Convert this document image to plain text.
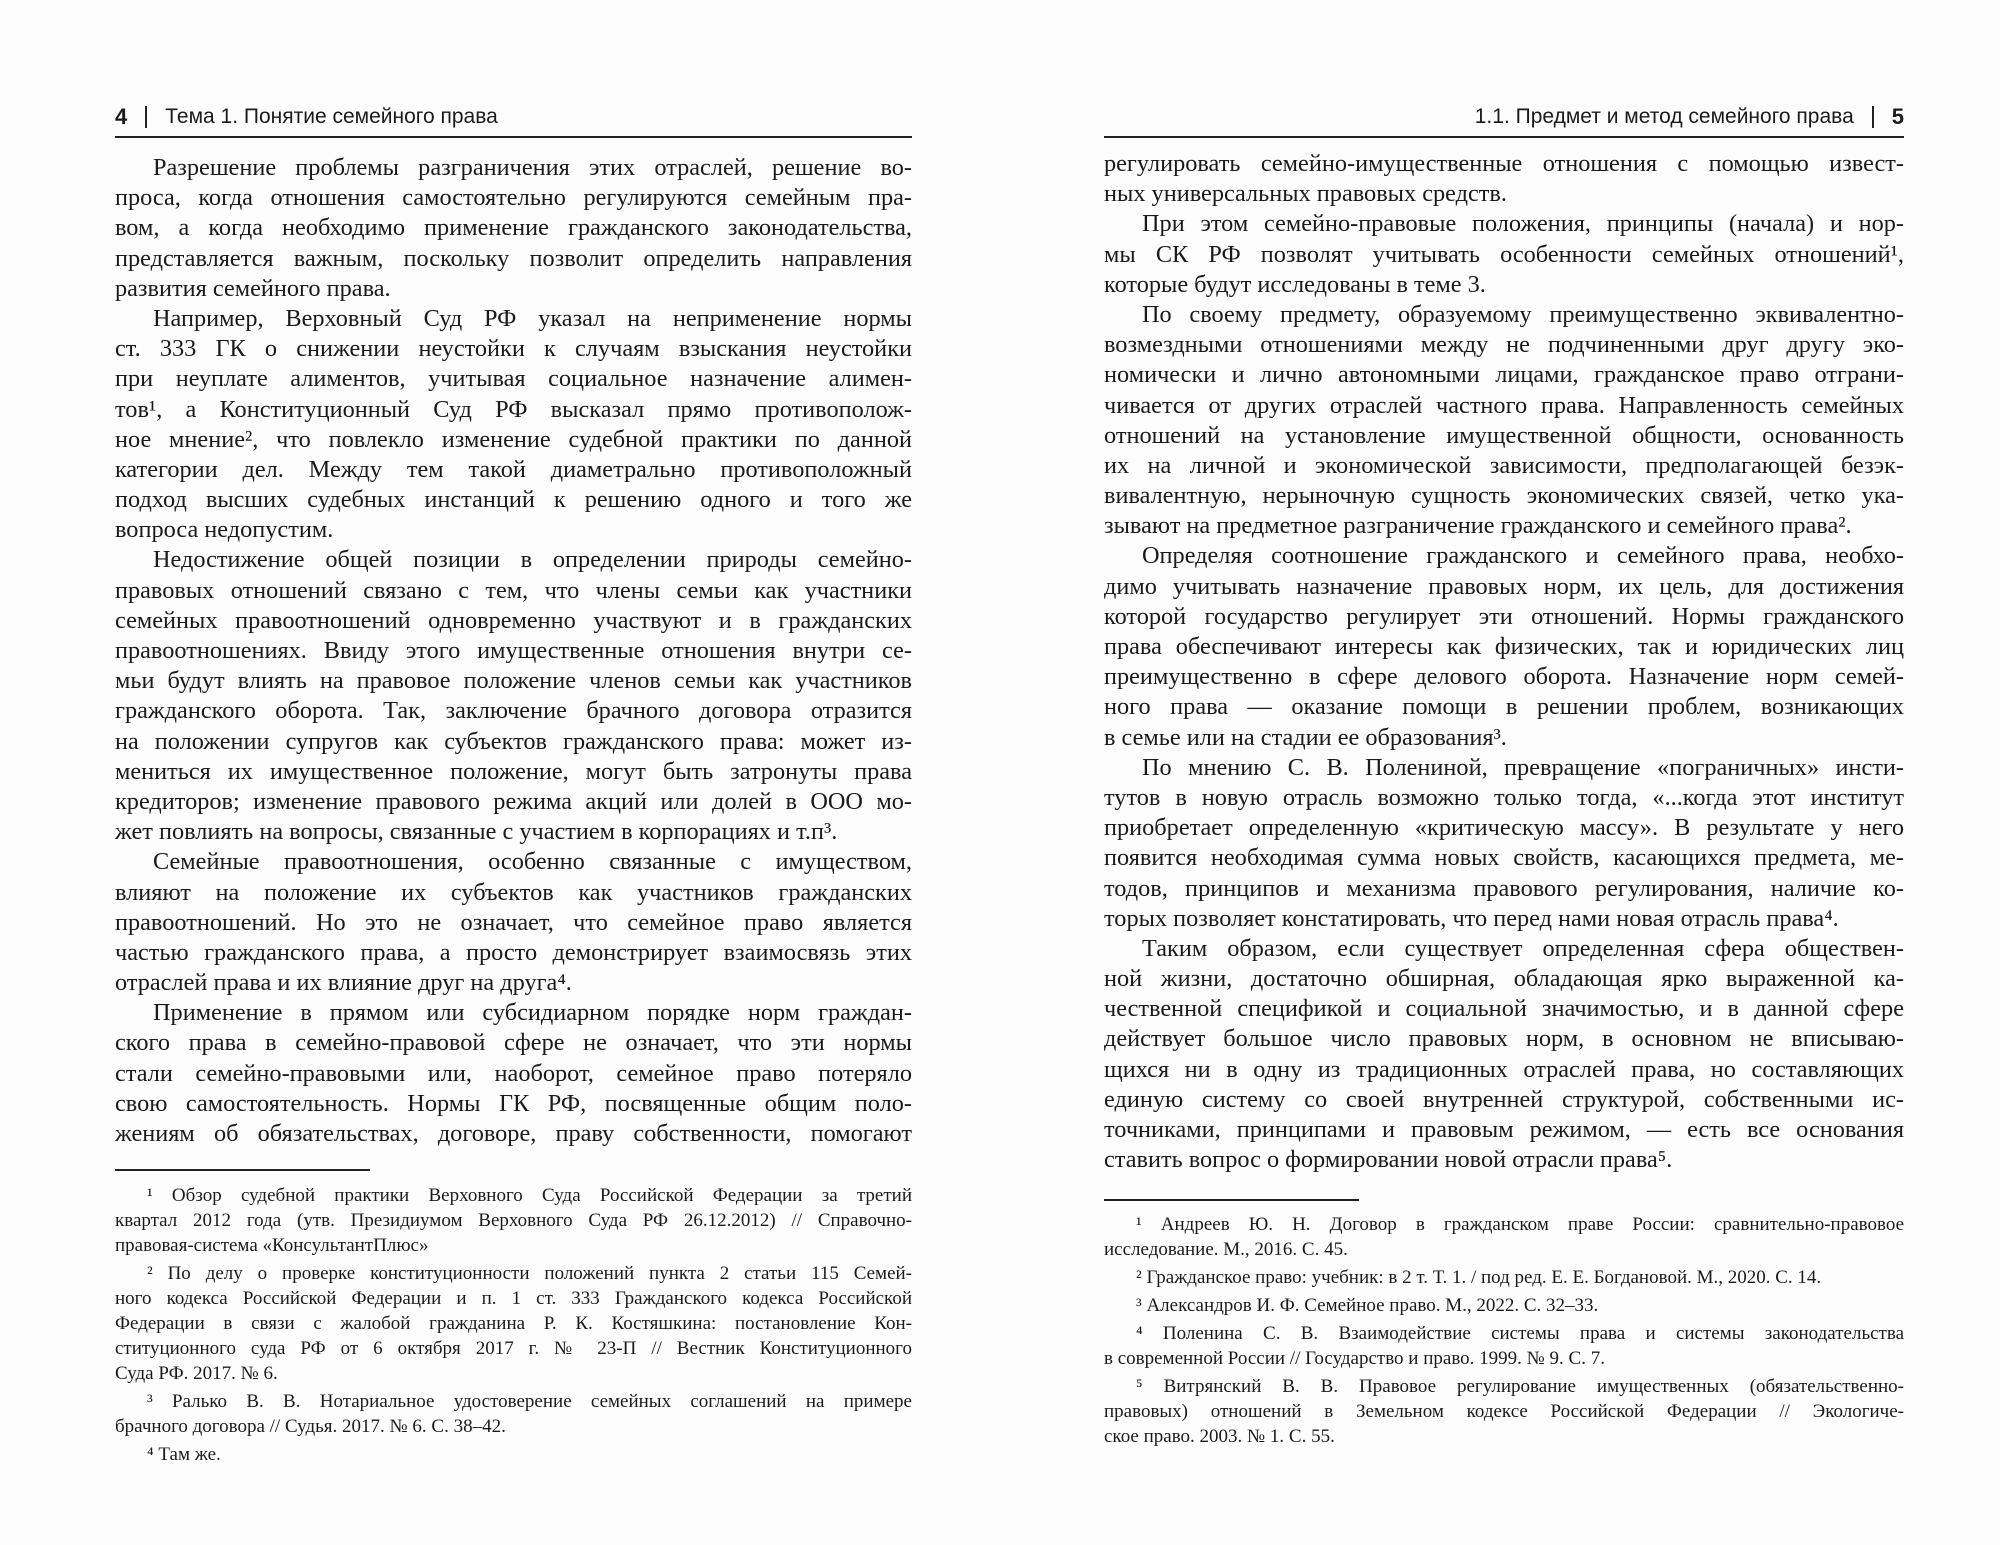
4 Тема 1. Понятие семейного права
Разрешение проблемы разграничения этих отраслей, решение во-
проса, когда отношения самостоятельно регулируются семейным пра-
вом, а когда необходимо применение гражданского законодательства,
представляется важным, поскольку позволит определить направления
развития семейного права.
Например, Верховный Суд РФ указал на неприменение нормы
ст. 333 ГК о снижении неустойки к случаям взыскания неустойки
при неуплате алиментов, учитывая социальное назначение алимен-
тов¹, а Конституционный Суд РФ высказал прямо противополож-
ное мнение², что повлекло изменение судебной практики по данной
категории дел. Между тем такой диаметрально противоположный
подход высших судебных инстанций к решению одного и того же
вопроса недопустим.
Недостижение общей позиции в определении природы семейно-
правовых отношений связано с тем, что члены семьи как участники
семейных правоотношений одновременно участвуют и в гражданских
правоотношениях. Ввиду этого имущественные отношения внутри се-
мьи будут влиять на правовое положение членов семьи как участников
гражданского оборота. Так, заключение брачного договора отразится
на положении супругов как субъектов гражданского права: может из-
мениться их имущественное положение, могут быть затронуты права
кредиторов; изменение правового режима акций или долей в ООО мо-
жет повлиять на вопросы, связанные с участием в корпорациях и т.п³.
Семейные правоотношения, особенно связанные с имуществом,
влияют на положение их субъектов как участников гражданских
правоотношений. Но это не означает, что семейное право является
частью гражданского права, а просто демонстрирует взаимосвязь этих
отраслей права и их влияние друг на друга⁴.
Применение в прямом или субсидиарном порядке норм граждан-
ского права в семейно-правовой сфере не означает, что эти нормы
стали семейно-правовыми или, наоборот, семейное право потеряло
свою самостоятельность. Нормы ГК РФ, посвященные общим поло-
жениям об обязательствах, договоре, праву собственности, помогают
¹ Обзор судебной практики Верховного Суда Российской Федерации за третий
квартал 2012 года (утв. Президиумом Верховного Суда РФ 26.12.2012) // Справочно-
правовая-система «КонсультантПлюс»
² По делу о проверке конституционности положений пункта 2 статьи 115 Семей-
ного кодекса Российской Федерации и п. 1 ст. 333 Гражданского кодекса Российской
Федерации в связи с жалобой гражданина Р. К. Костяшкина: постановление Кон-
ституционного суда РФ от 6 октября 2017 г. № 23-П // Вестник Конституционного
Суда РФ. 2017. № 6.
³ Ралько В. В. Нотариальное удостоверение семейных соглашений на примере
брачного договора // Судья. 2017. № 6. С. 38–42.
⁴ Там же.
1.1. Предмет и метод семейного права 5
регулировать семейно-имущественные отношения с помощью извест-
ных универсальных правовых средств.
При этом семейно-правовые положения, принципы (начала) и нор-
мы СК РФ позволят учитывать особенности семейных отношений¹,
которые будут исследованы в теме 3.
По своему предмету, образуемому преимущественно эквивалентно-
возмездными отношениями между не подчиненными друг другу эко-
номически и лично автономными лицами, гражданское право отграни-
чивается от других отраслей частного права. Направленность семейных
отношений на установление имущественной общности, основанность
их на личной и экономической зависимости, предполагающей безэк-
вивалентную, нерыночную сущность экономических связей, четко ука-
зывают на предметное разграничение гражданского и семейного права².
Определяя соотношение гражданского и семейного права, необхо-
димо учитывать назначение правовых норм, их цель, для достижения
которой государство регулирует эти отношений. Нормы гражданского
права обеспечивают интересы как физических, так и юридических лиц
преимущественно в сфере делового оборота. Назначение норм семей-
ного права — оказание помощи в решении проблем, возникающих
в семье или на стадии ее образования³.
По мнению С. В. Полениной, превращение «пограничных» инсти-
тутов в новую отрасль возможно только тогда, «...когда этот институт
приобретает определенную «критическую массу». В результате у него
появится необходимая сумма новых свойств, касающихся предмета, ме-
тодов, принципов и механизма правового регулирования, наличие ко-
торых позволяет констатировать, что перед нами новая отрасль права⁴.
Таким образом, если существует определенная сфера обществен-
ной жизни, достаточно обширная, обладающая ярко выраженной ка-
чественной спецификой и социальной значимостью, и в данной сфере
действует большое число правовых норм, в основном не вписываю-
щихся ни в одну из традиционных отраслей права, но составляющих
единую систему со своей внутренней структурой, собственными ис-
точниками, принципами и правовым режимом, — есть все основания
ставить вопрос о формировании новой отрасли права⁵.
¹ Андреев Ю. Н. Договор в гражданском праве России: сравнительно-правовое
исследование. М., 2016. С. 45.
² Гражданское право: учебник: в 2 т. Т. 1. / под ред. Е. Е. Богдановой. М., 2020. С. 14.
³ Александров И. Ф. Семейное право. М., 2022. С. 32–33.
⁴ Поленина С. В. Взаимодействие системы права и системы законодательства
в современной России // Государство и право. 1999. № 9. С. 7.
⁵ Витрянский В. В. Правовое регулирование имущественных (обязательственно-
правовых) отношений в Земельном кодексе Российской Федерации // Экологиче-
ское право. 2003. № 1. С. 55.
